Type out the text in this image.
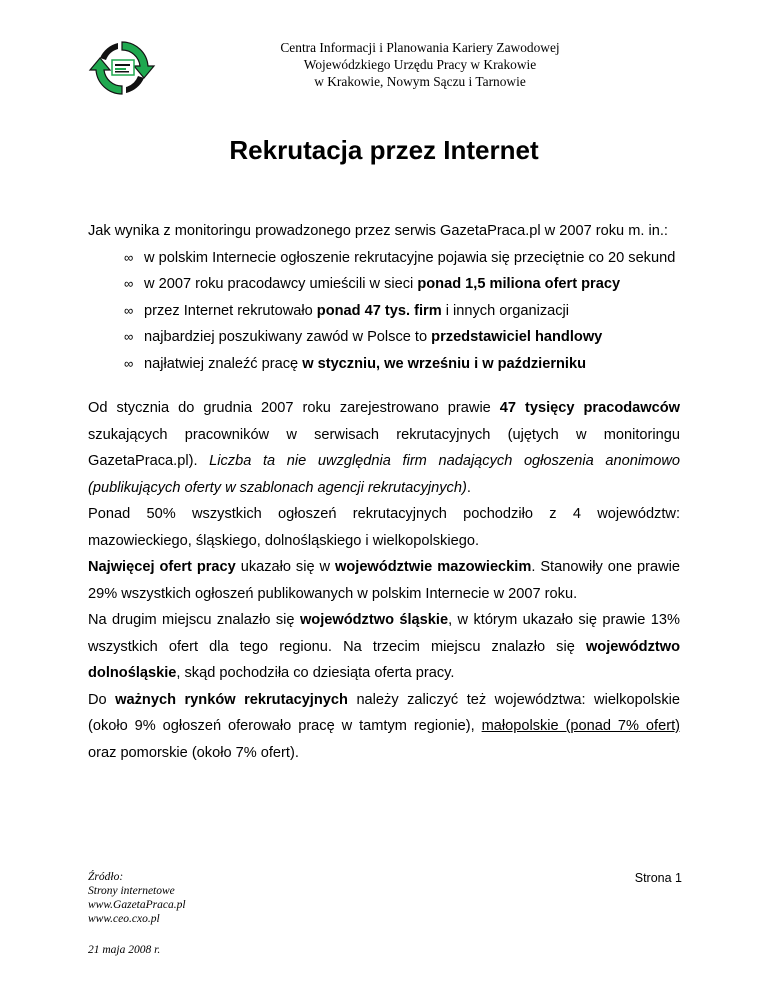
Centra Informacji i Planowania Kariery Zawodowej
Wojewódzkiego Urzędu Pracy w Krakowie
w Krakowie, Nowym Sączu i Tarnowie
Rekrutacja przez Internet

Jak wynika z monitoringu prowadzonego przez serwis GazetaPraca.pl w 2007 roku m. in.:

∞ w polskim Internecie ogłoszenie rekrutacyjne pojawia się przeciętnie co 20 sekund
∞ w 2007 roku pracodawcy umieścili w sieci ponad 1,5 miliona ofert pracy
∞ przez Internet rekrutowało ponad 47 tys. firm i innych organizacji
∞ najbardziej poszukiwany zawód w Polsce to przedstawiciel handlowy
∞ najłatwiej znaleźć pracę w styczniu, we wrześniu i w październiku

Od stycznia do grudnia 2007 roku zarejestrowano prawie 47 tysięcy pracodawców szukających pracowników w serwisach rekrutacyjnych (ujętych w monitoringu GazetaPraca.pl). Liczba ta nie uwzględnia firm nadających ogłoszenia anonimowo (publikujących oferty w szablonach agencji rekrutacyjnych).

Ponad 50% wszystkich ogłoszeń rekrutacyjnych pochodziło z 4 województw: mazowieckiego, śląskiego, dolnośląskiego i wielkopolskiego.

Najwięcej ofert pracy ukazało się w województwie mazowieckim. Stanowiły one prawie 29% wszystkich ogłoszeń publikowanych w polskim Internecie w 2007 roku.

Na drugim miejscu znalazło się województwo śląskie, w którym ukazało się prawie 13% wszystkich ofert dla tego regionu. Na trzecim miejscu znalazło się województwo dolnośląskie, skąd pochodziła co dziesiąta oferta pracy.

Do ważnych rynków rekrutacyjnych należy zaliczyć też województwa: wielkopolskie (około 9% ogłoszeń oferowało pracę w tamtym regionie), małopolskie (ponad 7% ofert) oraz pomorskie (około 7% ofert).

Źródło:
Strony internetowe
www.GazetaPraca.pl
www.ceo.cxo.pl
21 maja 2008 r.
Strona 1
